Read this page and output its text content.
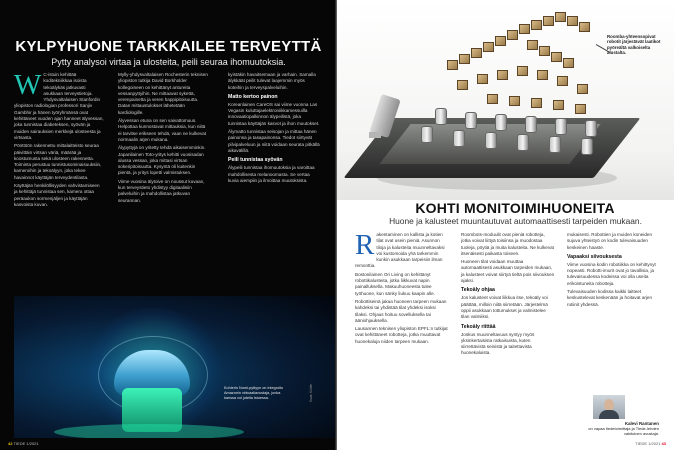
KYLPYHUONE TARKKAILEE TERVEYTTÄ
Pytty analysoi virtaa ja ulosteita, peili seuraa ihomuutoksia.
W C-istuin kehittää koditekniikkaa isoista tekoälykäs jatkuvasti asukkaan terveystietoja. Yhdysvaltalaisen Stanfordin yliopiston radiologian professori Sanjiv Gambhir ja hänen työryhmänsä ovat kehittäneet vuoden ajan hanneet älyvessan, joka tunnistaa diabeteksen, syövän ja muiden sairauksien merkkejä ulosteesta ja virtsasta.

Pönttöön rakennettu mittalaitteisto seuraa päivittäin virtsan väriä, määrää ja koostumusta sekä ulosteen rakennetta. Toiminta perustuu tunnistusominaisuuksiin, kameroihin ja tekoälyyn, joka tekee havainnot käyttäjän terveydentilasta.

Käyttäjän henkilöllisyyden vahvistamiseen ja kehittäjä tunnistaa sen, kamera ottaa peräaukon sormenjäljen ja käyttäjän kasvoista kuvan.

Mylly-yhdysvaltalaisen Rochesterin teknisen yliopiston tutkija David Borkholder kollegoineen on kehittänyt antureita vessanpyttyihin. Ne mittaavat sykettä, verenpainetta ja veren happipitoisuutta. Datan mittaustulokset lähetetään kardiologille.

Älyvessan etuna on sen vaivattomuus. Helpottaa kunnostavat mittauksia, kun niitä ei tarvitse erikseen tehdä, vaan ne kulkevat normaalin arjen mukana.

Älypyttyjä on yritetty tehdä aikaisemminkin. Japanilainen Toto-yritys kehitti vuosisadan alussa vessan, joka mittasi virtsan sokeripitoisuutta. Kysyntä oli kuitenkin pientä, ja yritys lopetti valmistuksen.

Viime vuosina älytoive on noussut kuvaan, kun terveystieto yhdistyy digitaalisiin palveluihin ja mahdollistaa jatkuvan seurannan.

kyistäkin havaitsemaan ja varhain. Samalla älykkäät peilit tulevat laajemmin myös koteihin ja terveyspalveluihin.

Matto kertoo painon

Koreanlainen CareOS sai viime vuonna Las Vegasin kuluttajaelektroniikkamessuilla innovaatiopalkinnon älypeilistä, joka tunnistaa käyttäjän kasvot ja ihon muutokset.

Älymatto tunnistaa seisojan ja mittaa hänen painonsa ja tasapainonsa. Tiedot siirtyvät pilvipalveluun ja niitä voidaan seurata pitkällä aikavälillä.

Peili tunnistaa syövän

Älypeili tunnistaa ihomuutoksia ja varoittaa mahdollisesta melanoomasta. Se vertaa kuvia aiempiin ja ilmoittaa muutoksista.

Kohlerin Numi-pyttyyn on integroitu Amazonin virtuaaliavustaja, jonka kanssa voi jutella istuessa.	Kuva: Kohler
42 TIEDE 1/2021
Roomba-yhteensopivat robotit järjestävät laatikot pyöreältä valkoiselta alustalta.
KOHTI MONITOIMIHUONEITA
Huone ja kalusteet muuntautuvat automaattisesti tarpeiden mukaan.
R akentaminen on kallista ja kotien tilat ovat usein pieniä. Asunnon tiloja ja kalusteita muunneltavaksi voi kustomoida yhä tarkemmin kunkin asukkaan tarpeisiin ilman remonttia.

Bostonilainen Ori Living on kehittänyt robottikalusteita, jotka liikkuvat napin painalluksella. Makuuhuoneesta tulee työhuone, kun sänky liukuu kaapin alle.

Robottiseinä jakaa huoneen tarpeen mukaan kahdeksi tai yhdistää tilat yhdeksi isoksi tilaksi. Ohjaus hoituu sovelluksella tai ääniohjauksella.

Lausannen teknisen yliopiston EPFL:n tutkijat ovat kehittäneet robotteja, jotka muuttavat huonekaluja niiden tarpeen mukaan.

Roombots-moduulit ovat pieniä robotteja, jotka voivat liittyä toisiinsa ja muodostaa tuoleja, pöytiä ja muita kalusteita. Ne kulkevat itsenäisesti paikasta toiseen.

Huoneen tilat voidaan muuttaa automaattisesti asukkaan tarpeiden mukaan, ja kalusteet voivat siirtyä tieltä pois siivouksen ajaksi.

Tekoäly ohjaa

Jos kalusteet voivat liikkua itse, tekoäly voi päättää, milloin niitä siirretään. Järjestelmä oppii asukkaan tottumukset ja valmistelee tilan valmiiksi.

Tekoäly riittää

Joskus muunneltavuus syntyy myös yksinkertaisista ratkaisuista, kuten siirrettävistä seinistä ja taitettavista huonekaluista.

mukaisesti. Robottien ja muiden koneiden sujuva yhteistyö on kodin tulevaisuuden keskeinen haaste.

Vapaaksi siivouksesta

Viime vuosina kodin robotiikka on kehittynyt nopeasti. Robotti-imurit ovat jo tavallisia, ja tulevaisuudessa kodeissa voi olla useita erikoistuneita robotteja.

Tulevaisuuden kodissa kaikki laitteet keskustelevat keskenään ja hoitavat arjen rutiinit yhdessä.

Kalevi Rantanen
on vapaa tiedetoimittaja ja Tiede-lehden vakituinen avustaja.
TIEDE 1/2021 43
